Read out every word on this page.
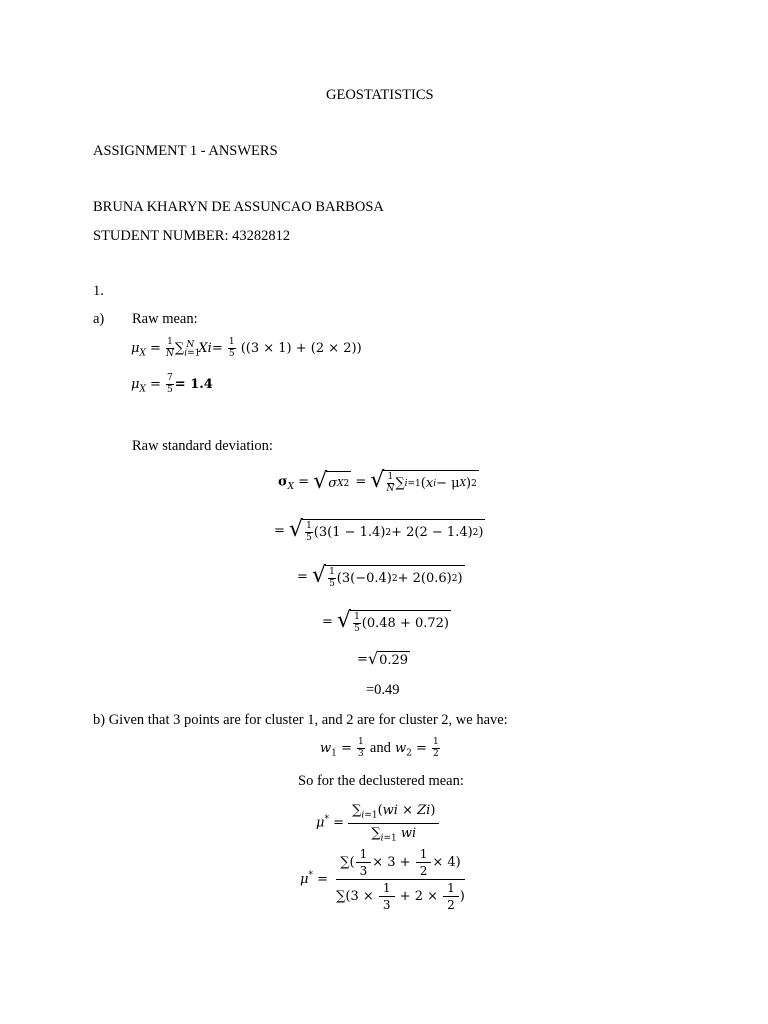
GEOSTATISTICS
ASSIGNMENT 1 - ANSWERS
BRUNA KHARYN DE ASSUNCAO BARBOSA
STUDENT NUMBER: 43282812
1.
a) Raw mean:
$\mu_X = \frac{1}{N} \sum_{i=1}^N$ $Xi= \frac{1}{5} ((3 \times 1) + (2 \times 2))$
$\mu_X = \frac{7}{5} = 1.4$
Raw standard deviation:
$\sigma_X$ = √ σ X 2 = √ $\frac{1}{N}$ ∑ i=1 ( x i − μ X ) 2
= √ $\frac{1}{5} (3(1 - 1.4) 2 + 2(2 - 1.4)$ 2 )
= √ $\frac{1}{5} (3(-0.4) 2 + 2(0.6)$ 2 )
= √ $\frac{1}{5} (0.48 + 0.72)$
= √ 0.29
=0.49
b) Given that 3 points are for cluster 1, and 2 are for cluster 2, we have:
$w_1 = \frac{1}{3}$ and $w_2 = \frac{1}{2}$
So for the declustered mean:
$\mu^* = \frac{\sum_{i=1}(wi \times Zi)}{\sum_{i=1} wi}$
$\mu^* = \frac{\sum( \frac{1}{3} \times 3 + \frac{1}{2} \times 4)}{\sum(3 \times \frac{1}{3} + 2 \times \frac{1}{2} )}$
